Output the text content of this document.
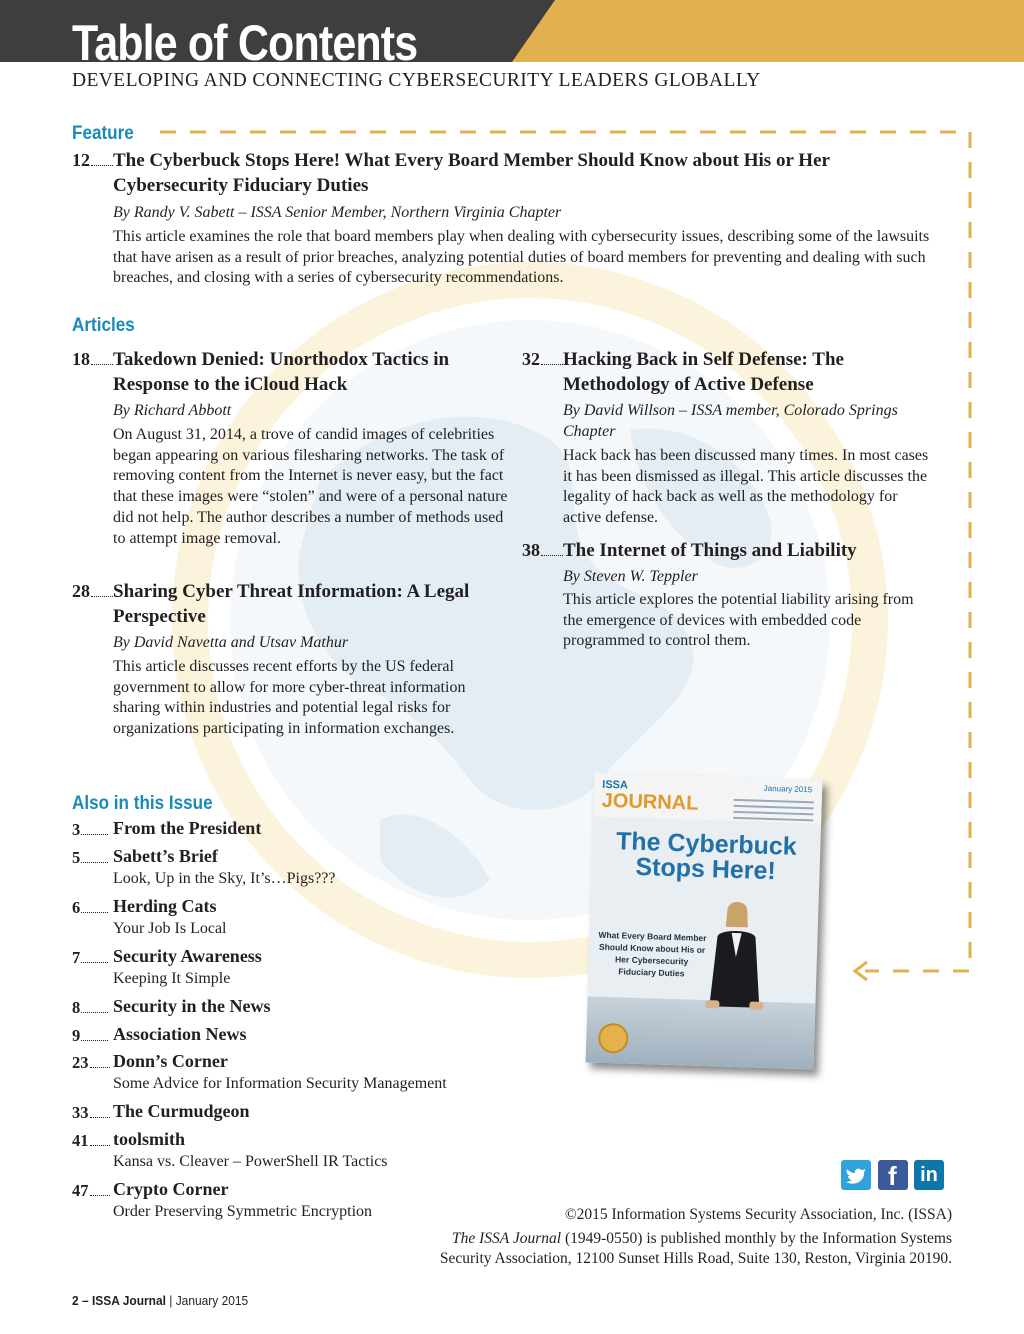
Table of Contents
DEVELOPING AND CONNECTING CYBERSECURITY LEADERS GLOBALLY
Feature
12	The Cyberbuck Stops Here! What Every Board Member Should Know about His or Her Cybersecurity Fiduciary Duties
By Randy V. Sabett – ISSA Senior Member, Northern Virginia Chapter
This article examines the role that board members play when dealing with cybersecurity issues, describing some of the lawsuits that have arisen as a result of prior breaches, analyzing potential duties of board members for preventing and dealing with such breaches, and closing with a series of cybersecurity recommendations.
Articles
18	Takedown Denied: Unorthodox Tactics in Response to the iCloud Hack
By Richard Abbott
On August 31, 2014, a trove of candid images of celebrities began appearing on various filesharing networks. The task of removing content from the Internet is never easy, but the fact that these images were “stolen” and were of a personal nature did not help. The author describes a number of methods used to attempt image removal.
28	Sharing Cyber Threat Information: A Legal Perspective
By David Navetta and Utsav Mathur
This article discusses recent efforts by the US federal government to allow for more cyber-threat information sharing within industries and potential legal risks for organizations participating in information exchanges.
32	Hacking Back in Self Defense: The Methodology of Active Defense
By David Willson – ISSA member, Colorado Springs Chapter
Hack back has been discussed many times. In most cases it has been dismissed as illegal. This article discusses the legality of hack back as well as the methodology for active defense.
38	The Internet of Things and Liability
By Steven W. Teppler
This article explores the potential liability arising from the emergence of devices with embedded code programmed to control them.
Also in this Issue
3	From the President
5	Sabett’s Brief
Look, Up in the Sky, It’s…Pigs???
6	Herding Cats
Your Job Is Local
7	Security Awareness
Keeping It Simple
8	Security in the News
9	Association News
23	Donn’s Corner
Some Advice for Information Security Management
33	The Curmudgeon
41	toolsmith
Kansa vs. Cleaver – PowerShell IR Tactics
47	Crypto Corner
Order Preserving Symmetric Encryption
ISSA
JOURNAL
January 2015
The Cyberbuck Stops Here!
What Every Board Member Should Know about His or Her Cybersecurity Fiduciary Duties
f	in
©2015 Information Systems Security Association, Inc. (ISSA)
The ISSA Journal (1949-0550) is published monthly by the Information Systems
Security Association, 12100 Sunset Hills Road, Suite 130, Reston, Virginia 20190.
2 – ISSA Journal | January 2015
